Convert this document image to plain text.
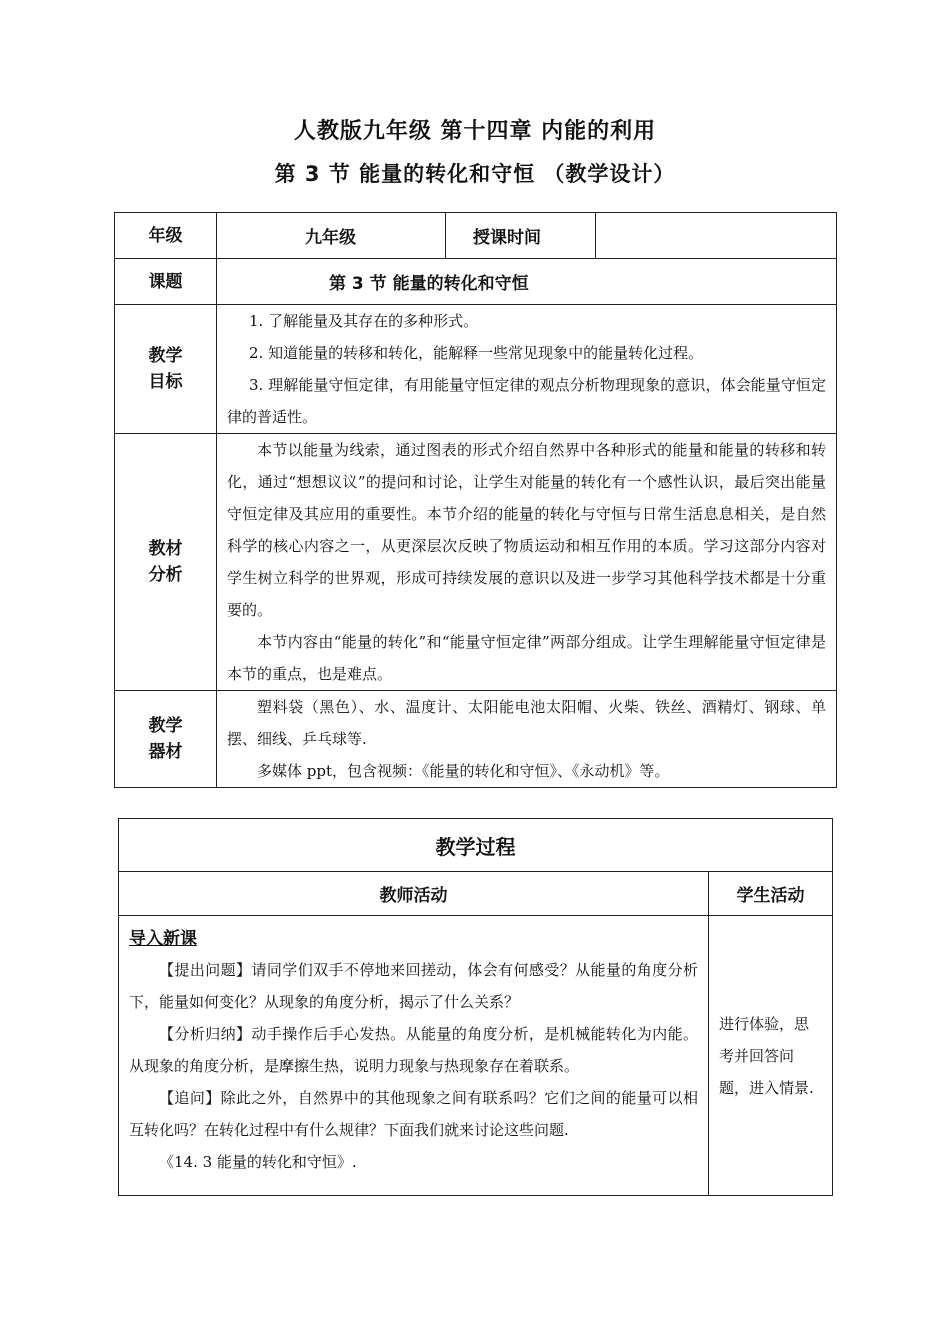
人教版九年级 第十四章 内能的利用
第 3 节 能量的转化和守恒 （教学设计）
年级	九年级	授课时间	
课题	第 3 节 能量的转化和守恒		
教学目标	1. 了解能量及其存在的多种形式。

2. 知道能量的转移和转化，能解释一些常见现象中的能量转化过程。

3. 理解能量守恒定律，有用能量守恒定律的观点分析物理现象的意识，体会能量守恒定律的普适性。		

教材分析	本节以能量为线索，通过图表的形式介绍自然界中各种形式的能量和能量的转移和转化，通过“想想议议”的提问和讨论，让学生对能量的转化有一个感性认识，最后突出能量守恒定律及其应用的重要性。本节介绍的能量的转化与守恒与日常生活息息相关，是自然科学的核心内容之一，从更深层次反映了物质运动和相互作用的本质。学习这部分内容对学生树立科学的世界观，形成可持续发展的意识以及进一步学习其他科学技术都是十分重要的。

本节内容由“能量的转化”和“能量守恒定律”两部分组成。让学生理解能量守恒定律是本节的重点，也是难点。		

教学器材	塑料袋（黑色）、水、温度计、太阳能电池太阳帽、火柴、铁丝、酒精灯、钢球、单摆、细线、乒乓球等.

多媒体 ppt，包含视频：《能量的转化和守恒》、《永动机》等。		

教学过程	
教师活动	学生活动

导入新课

【提出问题】请同学们双手不停地来回搓动，体会有何感受？从能量的角度分析下，能量如何变化？从现象的角度分析，揭示了什么关系？

【分析归纳】动手操作后手心发热。从能量的角度分析，是机械能转化为内能。从现象的角度分析，是摩擦生热，说明力现象与热现象存在着联系。

【追问】除此之外，自然界中的其他现象之间有联系吗？它们之间的能量可以相互转化吗？在转化过程中有什么规律？下面我们就来讨论这些问题.

《14. 3 能量的转化和守恒》.	进行体验，思考并回答问题，进入情景.
